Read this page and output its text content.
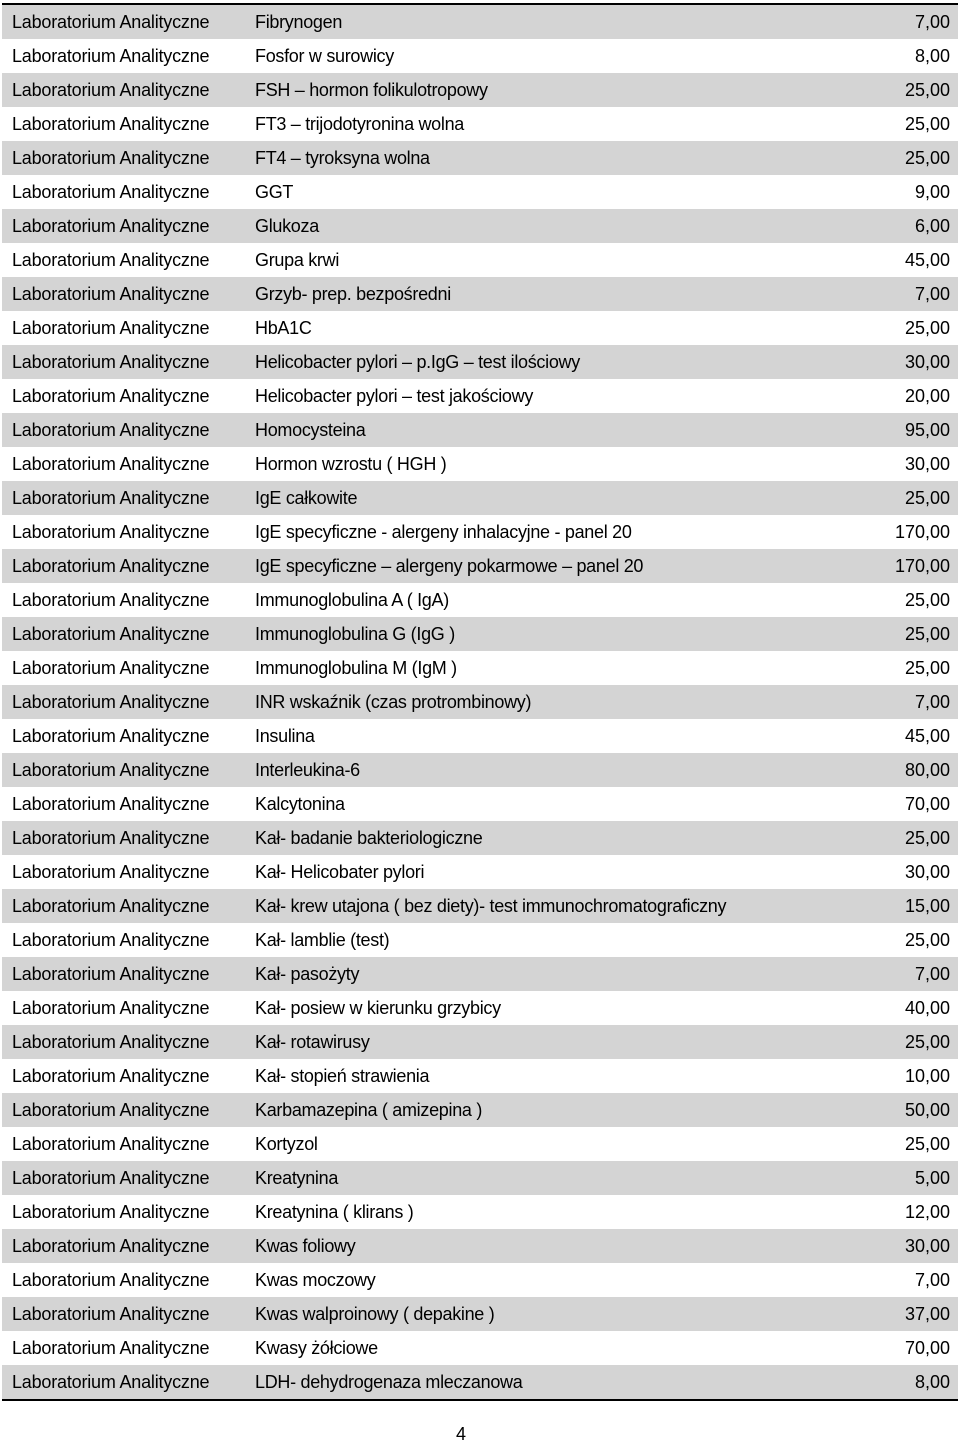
Laboratorium Analityczne	Fibrynogen	7,00
Laboratorium Analityczne	Fosfor w surowicy	8,00
Laboratorium Analityczne	FSH – hormon folikulotropowy	25,00
Laboratorium Analityczne	FT3 – trijodotyronina wolna	25,00
Laboratorium Analityczne	FT4 – tyroksyna wolna	25,00
Laboratorium Analityczne	GGT	9,00
Laboratorium Analityczne	Glukoza	6,00
Laboratorium Analityczne	Grupa krwi	45,00
Laboratorium Analityczne	Grzyb- prep. bezpośredni	7,00
Laboratorium Analityczne	HbA1C	25,00
Laboratorium Analityczne	Helicobacter pylori – p.IgG – test ilościowy	30,00
Laboratorium Analityczne	Helicobacter pylori – test jakościowy	20,00
Laboratorium Analityczne	Homocysteina	95,00
Laboratorium Analityczne	Hormon wzrostu ( HGH )	30,00
Laboratorium Analityczne	IgE całkowite	25,00
Laboratorium Analityczne	IgE specyficzne - alergeny inhalacyjne - panel 20	170,00
Laboratorium Analityczne	IgE specyficzne – alergeny pokarmowe – panel 20	170,00
Laboratorium Analityczne	Immunoglobulina A ( IgA)	25,00
Laboratorium Analityczne	Immunoglobulina G (IgG )	25,00
Laboratorium Analityczne	Immunoglobulina M (IgM )	25,00
Laboratorium Analityczne	INR wskaźnik (czas protrombinowy)	7,00
Laboratorium Analityczne	Insulina	45,00
Laboratorium Analityczne	Interleukina-6	80,00
Laboratorium Analityczne	Kalcytonina	70,00
Laboratorium Analityczne	Kał- badanie bakteriologiczne	25,00
Laboratorium Analityczne	Kał- Helicobater pylori	30,00
Laboratorium Analityczne	Kał- krew utajona ( bez diety)- test immunochromatograficzny	15,00
Laboratorium Analityczne	Kał- lamblie (test)	25,00
Laboratorium Analityczne	Kał- pasożyty	7,00
Laboratorium Analityczne	Kał- posiew w kierunku grzybicy	40,00
Laboratorium Analityczne	Kał- rotawirusy	25,00
Laboratorium Analityczne	Kał- stopień strawienia	10,00
Laboratorium Analityczne	Karbamazepina ( amizepina )	50,00
Laboratorium Analityczne	Kortyzol	25,00
Laboratorium Analityczne	Kreatynina	5,00
Laboratorium Analityczne	Kreatynina ( klirans )	12,00
Laboratorium Analityczne	Kwas foliowy	30,00
Laboratorium Analityczne	Kwas moczowy	7,00
Laboratorium Analityczne	Kwas walproinowy ( depakine )	37,00
Laboratorium Analityczne	Kwasy żółciowe	70,00
Laboratorium Analityczne	LDH- dehydrogenaza mleczanowa	8,00
4
